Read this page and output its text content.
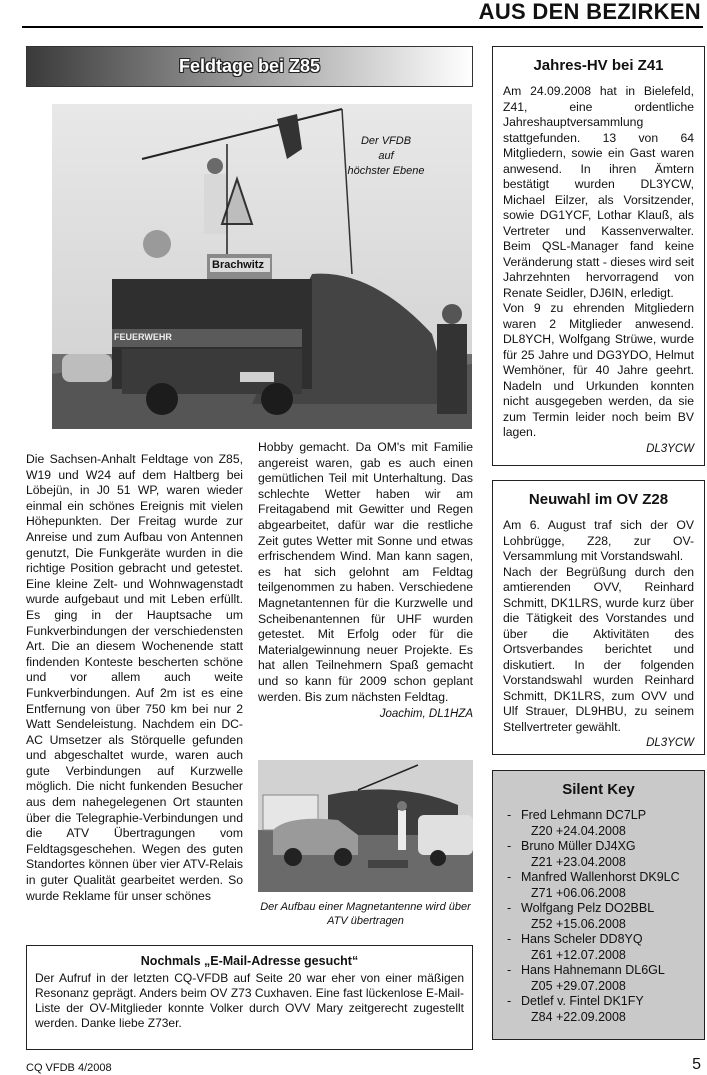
AUS DEN BEZIRKEN
Feldtage bei Z85
Der VFDB
auf
höchster Ebene
Brachwitz
FEUERWEHR
Die Sachsen-Anhalt Feldtage von Z85, W19 und W24 auf dem Haltberg bei Löbejün, in J0 51 WP, waren wieder einmal ein schönes Ereignis mit vielen Höhepunkten. Der Freitag wurde zur Anreise und zum Aufbau von Antennen genutzt, Die Funkgeräte wurden in die richtige Position gebracht und getestet. Eine kleine Zelt- und Wohnwagenstadt wurde aufgebaut und mit Leben erfüllt. Es ging in der Hauptsache um Funkverbindungen der verschiedensten Art. Die an diesem Wochenende statt findenden Konteste bescherten schöne und vor allem auch weite Funkverbindungen. Auf 2m ist es eine Entfernung von über 750 km bei nur 2 Watt Sendeleistung. Nachdem ein DC-AC Umsetzer als Störquelle gefunden und abgeschaltet wurde, waren auch gute Verbindungen auf Kurzwelle möglich. Die nicht funkenden Besucher aus dem nahegelegenen Ort staunten über die Telegraphie-Verbindungen und die ATV Übertragungen vom Feldtagsgeschehen. Wegen des guten Standortes können über vier ATV-Relais in guter Qualität gearbeitet werden. So wurde Reklame für unser schönes
Hobby gemacht. Da OM's mit Familie angereist waren, gab es auch einen gemütlichen Teil mit Unterhaltung. Das schlechte Wetter haben wir am Freitagabend mit Gewitter und Regen abgearbeitet, dafür war die restliche Zeit gutes Wetter mit Sonne und etwas erfrischendem Wind. Man kann sagen, es hat sich gelohnt am Feldtag teilgenommen zu haben. Verschiedene Magnetantennen für die Kurzwelle und Scheibenantennen für UHF wurden getestet. Mit Erfolg oder für die Materialgewinnung neuer Projekte. Es hat allen Teilnehmern Spaß gemacht und so kann für 2009 schon geplant werden. Bis zum nächsten Feldtag.
Joachim, DL1HZA
Der Aufbau einer Magnetantenne wird über ATV übertragen
Nochmals „E-Mail-Adresse gesucht“
Der Aufruf in der letzten CQ-VFDB auf Seite 20 war eher von einer mäßigen Resonanz geprägt. Anders beim OV Z73 Cuxhaven. Eine fast lückenlose E-Mail-Liste der OV-Mitglieder konnte Volker durch OVV Mary zeitgerecht zugestellt werden. Danke liebe Z73er.
Jahres-HV bei Z41
Am 24.09.2008 hat in Bielefeld, Z41, eine ordentliche Jahreshauptversammlung stattgefunden. 13 von 64 Mitgliedern, sowie ein Gast waren anwesend. In ihren Ämtern bestätigt wurden DL3YCW, Michael Eilzer, als Vorsitzender, sowie DG1YCF, Lothar Klauß, als Vertreter und Kassenverwalter. Beim QSL-Manager fand keine Veränderung statt - dieses wird seit Jahrzehnten hervorragend von Renate Seidler, DJ6IN, erledigt.
Von 9 zu ehrenden Mitgliedern waren 2 Mitglieder anwesend. DL8YCH, Wolfgang Strüwe, wurde für 25 Jahre und DG3YDO, Helmut Wemhöner, für 40 Jahre geehrt. Nadeln und Urkunden konnten nicht ausgegeben werden, da sie zum Termin leider noch beim BV lagen.
DL3YCW
Neuwahl im OV Z28
Am 6. August traf sich der OV Lohbrügge, Z28, zur OV-Versammlung mit Vorstandswahl.
Nach der Begrüßung durch den amtierenden OVV, Reinhard Schmitt, DK1LRS, wurde kurz über die Tätigkeit des Vorstandes und über die Aktivitäten des Ortsverbandes berichtet und diskutiert. In der folgenden Vorstandswahl wurden Reinhard Schmitt, DK1LRS, zum OVV und Ulf Strauer, DL9HBU, zu seinem Stellvertreter gewählt.
DL3YCW
Silent Key
- Fred Lehmann DC7LP
Z20 +24.04.2008
- Bruno Müller DJ4XG
Z21 +23.04.2008
- Manfred Wallenhorst DK9LC
Z71 +06.06.2008
- Wolfgang Pelz DO2BBL
Z52 +15.06.2008
- Hans Scheler DD8YQ
Z61 +12.07.2008
- Hans Hahnemann DL6GL
Z05 +29.07.2008
- Detlef v. Fintel DK1FY
Z84 +22.09.2008
CQ VFDB 4/2008	5
